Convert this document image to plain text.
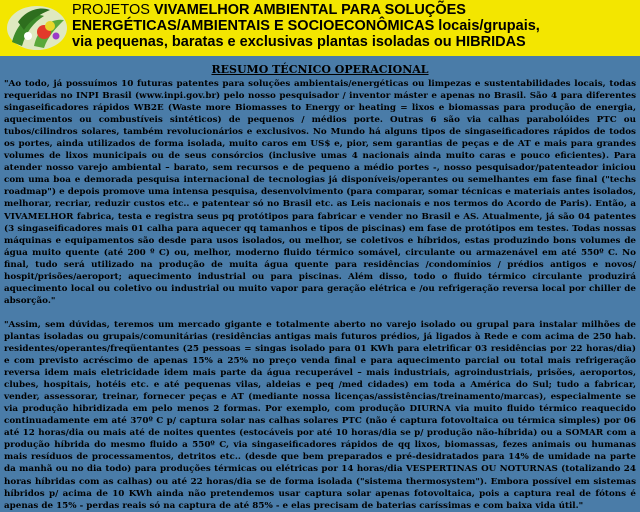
PROJETOS VIVAMELHOR AMBIENTAL PARA SOLUÇÕES
ENERGÉTICAS/AMBIENTAIS E SOCIOECONÔMICAS locais/grupais,
via pequenas, baratas e exclusivas plantas isoladas ou HIBRIDAS
RESUMO TÉCNICO OPERACIONAL

"Ao todo, já possuímos 10 futuras patentes para soluções ambientais/energéticas ou limpezas e sustentabilidades locais, todas requeridas no INPI Brasil (www.inpi.gov.br) pelo nosso pesquisador / inventor máster e apenas no Brasil. São 4 para diferentes singaseificadores rápidos WB2E (Waste more Biomasses to Energy or heating = lixos e biomassas para produção de energia, aquecimentos ou combustíveis sintéticos) de pequenos / médios porte. Outras 6 são via calhas parabolóides PTC ou tubos/cilindros solares, também revolucionários e exclusivos. No Mundo há alguns tipos de singaseificadores rápidos de todos os portes, ainda utilizados de forma isolada, muito caros em US$ e, pior, sem garantias de peças e de AT e mais para grandes volumes de lixos municipais ou de seus consórcios (inclusive umas 4 nacionais ainda muito caras e pouco eficientes). Para atender nosso varejo ambiental – barato, sem recursos e de pequeno a médio portes -, nosso pesquisador/patenteador iniciou com uma boa e demorada pesquisa internacional de tecnologias já disponíveis/operantes ou semelhantes em fase final ("techs roadmap") e depois promove uma intensa pesquisa, desenvolvimento (para comparar, somar técnicas e materiais antes isolados, melhorar, recriar, reduzir custos etc.. e patentear só no Brasil etc. as Leis nacionais e nos termos do Acordo de Paris). Então, a VIVAMELHOR fabrica, testa e registra seus pq protótipos para fabricar e vender no Brasil e AS. Atualmente, já são 04 patentes (3 singaseificadores mais 01 calha para aquecer qq tamanhos e tipos de piscinas) em fase de protótipos em testes. Todas nossas máquinas e equipamentos são desde para usos isolados, ou melhor, se coletivos e híbridos, estas produzindo bons volumes de água muito quente (até 200 º C) ou, melhor, moderno fluido térmico somável, circulante ou armazenável em até 550º C. No final, tudo será utilizado na produção de muita água quente para residências /condomínios / prédios antigos e novos/ hospit/prisões/aeroport; aquecimento industrial ou para piscinas. Além disso, todo o fluido térmico circulante produzirá aquecimento local ou coletivo ou industrial ou muito vapor para geração elétrica e /ou refrigeração reversa local por chiller de absorção."

"Assim, sem dúvidas, teremos um mercado gigante e totalmente aberto no varejo isolado ou grupal para instalar milhões de plantas isoladas ou grupais/comunitárias (residências antigas mais futuros prédios, já ligados à Rede e com acima de 250 hab. residentes/operantes/freqüentantes (25 pessoas = singas isolado para 01 KWh para eletrificar 03 residências por 22 horas/dia) e com previsto acréscimo de apenas 15% a 25% no preço venda final e para aquecimento parcial ou total mais refrigeração reversa idem mais eletricidade idem mais parte da água recuperável – mais industriais, agroindustriais, prisões, aeroportos, clubes, hospitais, hotéis etc. e até pequenas vilas, aldeias e peq /med cidades) em toda a América do Sul; tudo a fabricar, vender, assessorar, treinar, fornecer peças e AT (mediante nossa licenças/assistências/treinamento/marcas), especialmente se via produção hibridizada em pelo menos 2 formas. Por exemplo, com produção DIURNA via muito fluido térmico reaquecido continuadamente em até 370º C p/ captura solar nas calhas solares PTC (não é captura fotovoltaica ou térmica simples) por 06 até 12 horas/dia ou mais até de noites quentes (estocáveis por até 10 horas/dia se p/ produção não-híbrida) ou a SOMAR com a produção híbrida do mesmo fluido a 550º C, via singaseificadores rápidos de qq lixos, biomassas, fezes animais ou humanas mais resíduos de processamentos, detritos etc.. (desde que bem preparados e pré-desidratados para 14% de umidade na parte da manhã ou no dia todo) para produções térmicas ou elétricas por 14 horas/dia VESPERTINAS OU NOTURNAS (totalizando 24 horas híbridas com as calhas) ou até 22 horas/dia se de forma isolada ("sistema thermosystem"). Embora possível em sistemas híbridos p/ acima de 10 KWh ainda não pretendemos usar captura solar apenas fotovoltaica, pois a captura real de fótons é apenas de 15% - perdas reais só na captura de até 85% - e elas precisam de baterias caríssimas e com baixa vida útil."
